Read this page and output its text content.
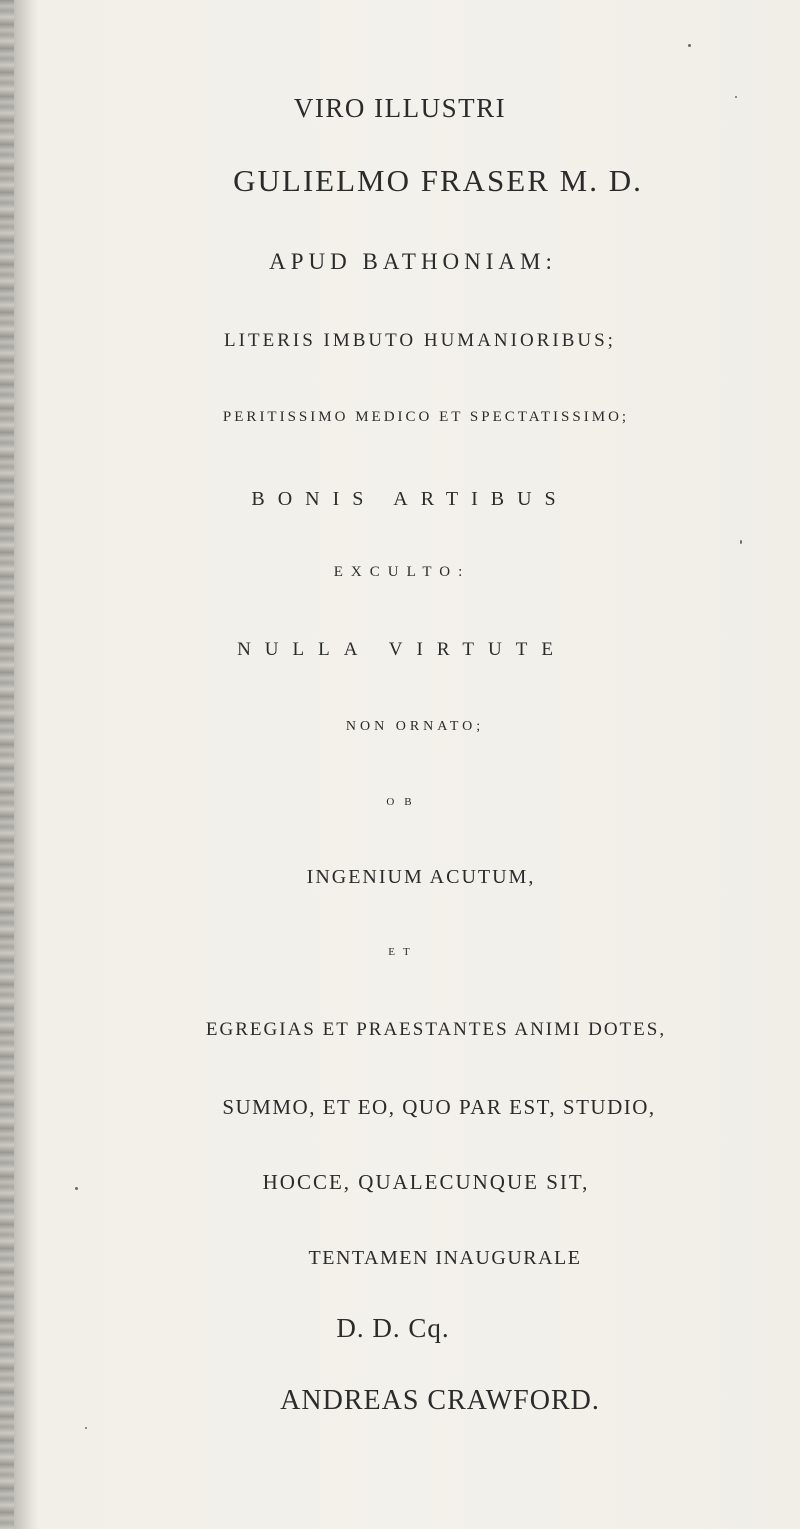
VIRO ILLUSTRI
GULIELMO FRASER M. D.
APUD BATHONIAM:
LITERIS IMBUTO HUMANIORIBUS;
PERITISSIMO MEDICO ET SPECTATISSIMO;
BONIS ARTIBUS
EXCULTO:
NULLA VIRTUTE
NON ORNATO;
OB
INGENIUM ACUTUM,
ET
EGREGIAS ET PRAESTANTES ANIMI DOTES,
SUMMO, ET EO, QUO PAR EST, STUDIO,
HOCCE, QUALECUNQUE SIT,
TENTAMEN INAUGURALE
D. D. Cq.
ANDREAS CRAWFORD.
